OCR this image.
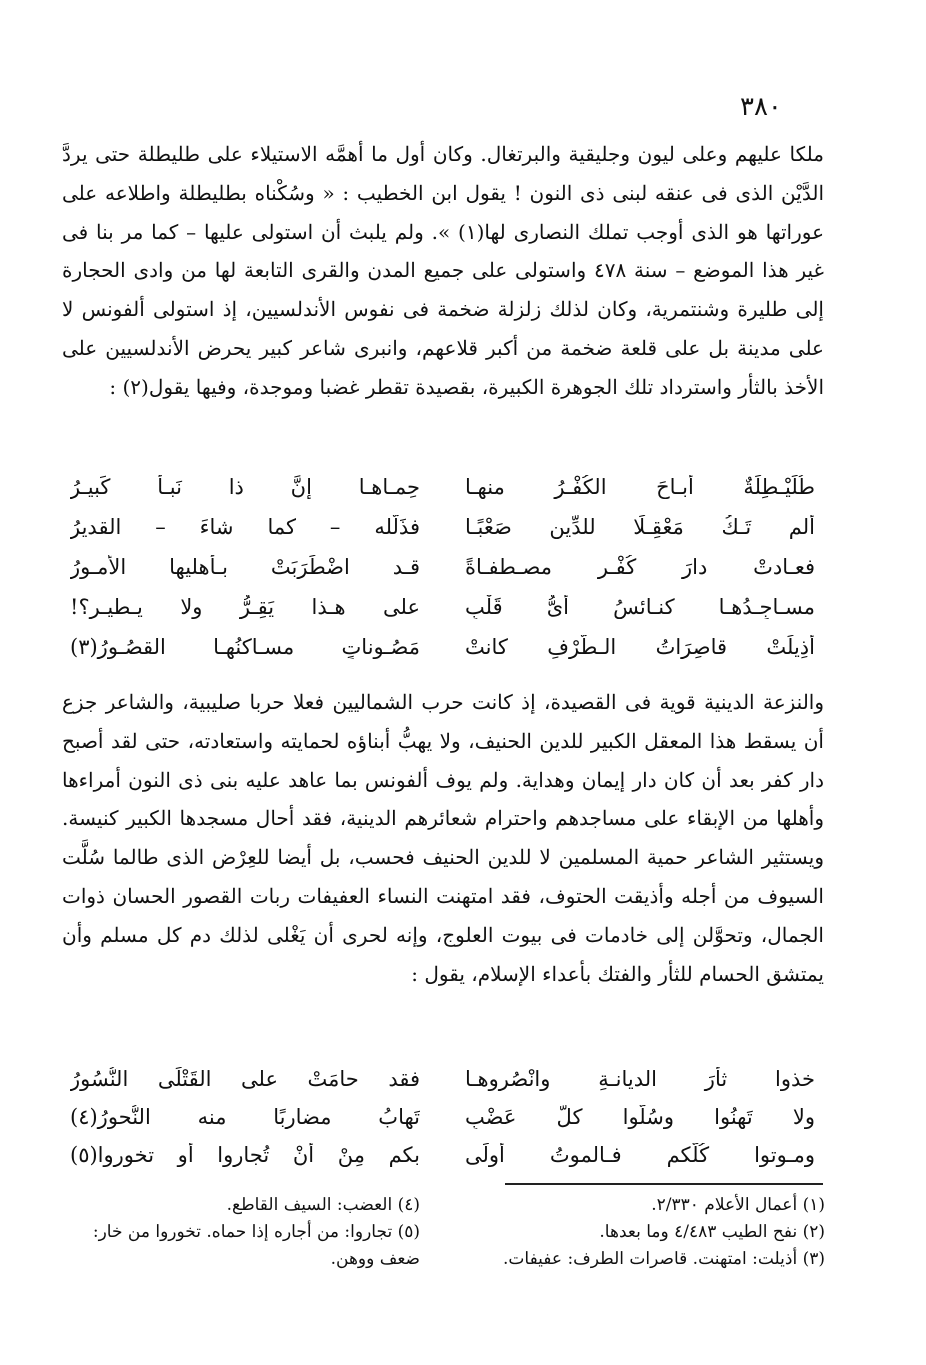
٣٨٠

ملكا عليهم وعلى ليون وجليقية والبرتغال. وكان أول ما أهمَّه الاستيلاء على طليطلة حتى يردَّ الدَّيْن الذى فى عنقه لبنى ذى النون ! يقول ابن الخطيب : « وسُكْناه بطليطلة واطلاعه على عوراتها هو الذى أوجب تملك النصارى لها(١) ». ولم يلبث أن استولى عليها – كما مر بنا فى غير هذا الموضع – سنة ٤٧٨ واستولى على جميع المدن والقرى التابعة لها من وادى الحجارة إلى طليرة وشنتمرية، وكان لذلك زلزلة ضخمة فى نفوس الأندلسيين، إذ استولى ألفونس لا على مدينة بل على قلعة ضخمة من أكبر قلاعهم، وانبرى شاعر كبير يحرض الأندلسيين على الأخذ بالثأر واسترداد تلك الجوهرة الكبيرة، بقصيدة تقطر غضبا وموجدة، وفيها يقول(٢) :

طُلَيْـطِلَةٌ أبـاحَ الكُفْـرُ منهـا
حِمـاهـا إنَّ ذا نَبـأٌ كَبيـرُ
ألم تَـكُ مَعْقِـلًا للدِّين صَعْبًـا
فذَلَّله – كما شاءَ – القديرُ
فعـادتْ دارَ كُفْـرٍ مصـطفـاةً
قـد اضْطَرَبَتْ بـأهليها الأمـورُ
مسـاجِـدُهـا كنـائسُ أىُّ قَلْبٍ
على هـذا يَقِـرُّ ولا يـطيـر؟!
أُذِيلَتْ قاصِرَاتُ الـطَّرْفِ كانتْ
مَصُـوناتٍ مسـاكنُهـا القصُـورُ(٣)

والنزعة الدينية قوية فى القصيدة، إذ كانت حرب الشماليين فعلا حربا صليبية، والشاعر جزع أن يسقط هذا المعقل الكبير للدين الحنيف، ولا يهبُّ أبناؤه لحمايته واستعادته، حتى لقد أصبح دار كفر بعد أن كان دار إيمان وهداية. ولم يوف ألفونس بما عاهد عليه بنى ذى النون أمراءها وأهلها من الإبقاء على مساجدهم واحترام شعائرهم الدينية، فقد أحال مسجدها الكبير كنيسة. ويستثير الشاعر حمية المسلمين لا للدين الحنيف فحسب، بل أيضا للعِرْض الذى طالما سُلَّت السيوف من أجله وأذيقت الحتوف، فقد امتهنت النساء العفيفات ربات القصور الحسان ذوات الجمال، وتحوَّلن إلى خادمات فى بيوت العلوج، وإنه لحرى أن يَغْلى لذلك دم كل مسلم وأن يمتشق الحسام للثأر والفتك بأعداء الإسلام، يقول :

خذوا ثأرَ الديانـةِ وانْصُروهـا
فقد حامَتْ على القَتْلَى النُّسُورُ
ولا تَهِنُوا وسُلُّوا كلَّ عَضْبٍ
تَهابُ مضاربًا منه النُّحورُ(٤)
ومـوتوا كُلُّكم فـالموتُ أولَى
بكم مِنْ أنْ تُجاروا أو تخوروا(٥)

(١) أعمال الأعلام ٢/٣٣٠.

(٢) نفح الطيب ٤/٤٨٣ وما بعدها.

(٣) أذيلت: امتهنت. قاصرات الطرف: عفيفات.

(٤) العضب: السيف القاطع.

(٥) تجاروا: من أجاره إذا حماه. تخوروا من خار: ضعف ووهن.
